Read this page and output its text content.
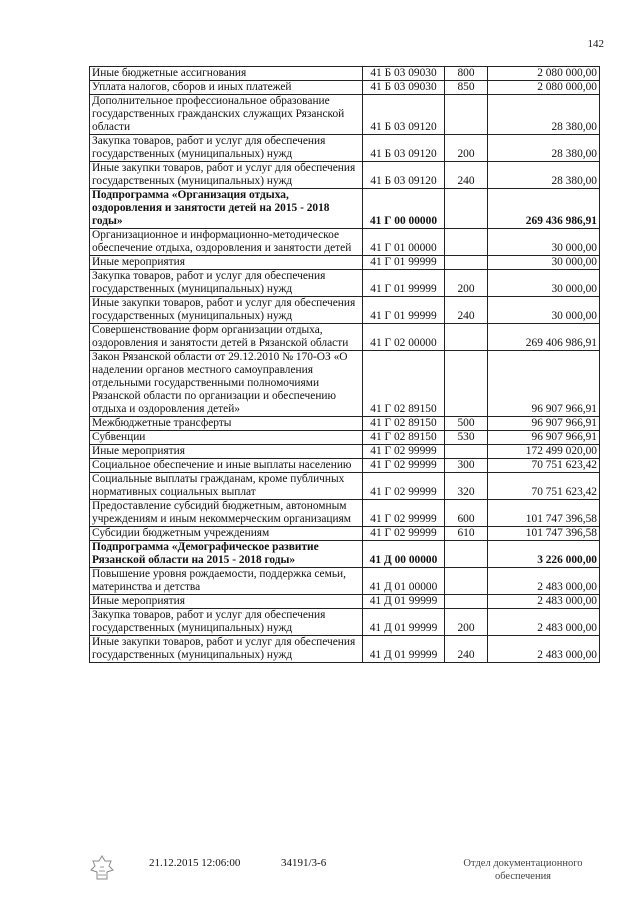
142
Иные бюджетные ассигнования	41 Б 03 09030	800	2 080 000,00
Уплата налогов, сборов и иных платежей	41 Б 03 09030	850	2 080 000,00
Дополнительное профессиональное образование государственных гражданских служащих Рязанской области	41 Б 03 09120		28 380,00
Закупка товаров, работ и услуг для обеспечения государственных (муниципальных) нужд	41 Б 03 09120	200	28 380,00
Иные закупки товаров, работ и услуг для обеспечения государственных (муниципальных) нужд	41 Б 03 09120	240	28 380,00
Подпрограмма «Организация отдыха, оздоровления и занятости детей на 2015 - 2018 годы»	41 Г 00 00000		269 436 986,91
Организационное и информационно-методическое обеспечение отдыха, оздоровления и занятости детей	41 Г 01 00000		30 000,00
Иные мероприятия	41 Г 01 99999		30 000,00
Закупка товаров, работ и услуг для обеспечения государственных (муниципальных) нужд	41 Г 01 99999	200	30 000,00
Иные закупки товаров, работ и услуг для обеспечения государственных (муниципальных) нужд	41 Г 01 99999	240	30 000,00
Совершенствование форм организации отдыха, оздоровления и занятости детей в Рязанской области	41 Г 02 00000		269 406 986,91
Закон Рязанской области от 29.12.2010 № 170-ОЗ «О наделении органов местного самоуправления отдельными государственными полномочиями Рязанской области по организации и обеспечению отдыха и оздоровления детей»	41 Г 02 89150		96 907 966,91
Межбюджетные трансферты	41 Г 02 89150	500	96 907 966,91
Субвенции	41 Г 02 89150	530	96 907 966,91
Иные мероприятия	41 Г 02 99999		172 499 020,00
Социальное обеспечение и иные выплаты населению	41 Г 02 99999	300	70 751 623,42
Социальные выплаты гражданам, кроме публичных нормативных социальных выплат	41 Г 02 99999	320	70 751 623,42
Предоставление субсидий бюджетным, автономным учреждениям и иным некоммерческим организациям	41 Г 02 99999	600	101 747 396,58
Субсидии бюджетным учреждениям	41 Г 02 99999	610	101 747 396,58
Подпрограмма «Демографическое развитие Рязанской области на 2015 - 2018 годы»	41 Д 00 00000		3 226 000,00
Повышение уровня рождаемости, поддержка семьи, материнства и детства	41 Д 01 00000		2 483 000,00
Иные мероприятия	41 Д 01 99999		2 483 000,00
Закупка товаров, работ и услуг для обеспечения государственных (муниципальных) нужд	41 Д 01 99999	200	2 483 000,00
Иные закупки товаров, работ и услуг для обеспечения государственных (муниципальных) нужд	41 Д 01 99999	240	2 483 000,00
21.12.2015 12:06:00	34191/3-6	Отдел документационного обеспечения
